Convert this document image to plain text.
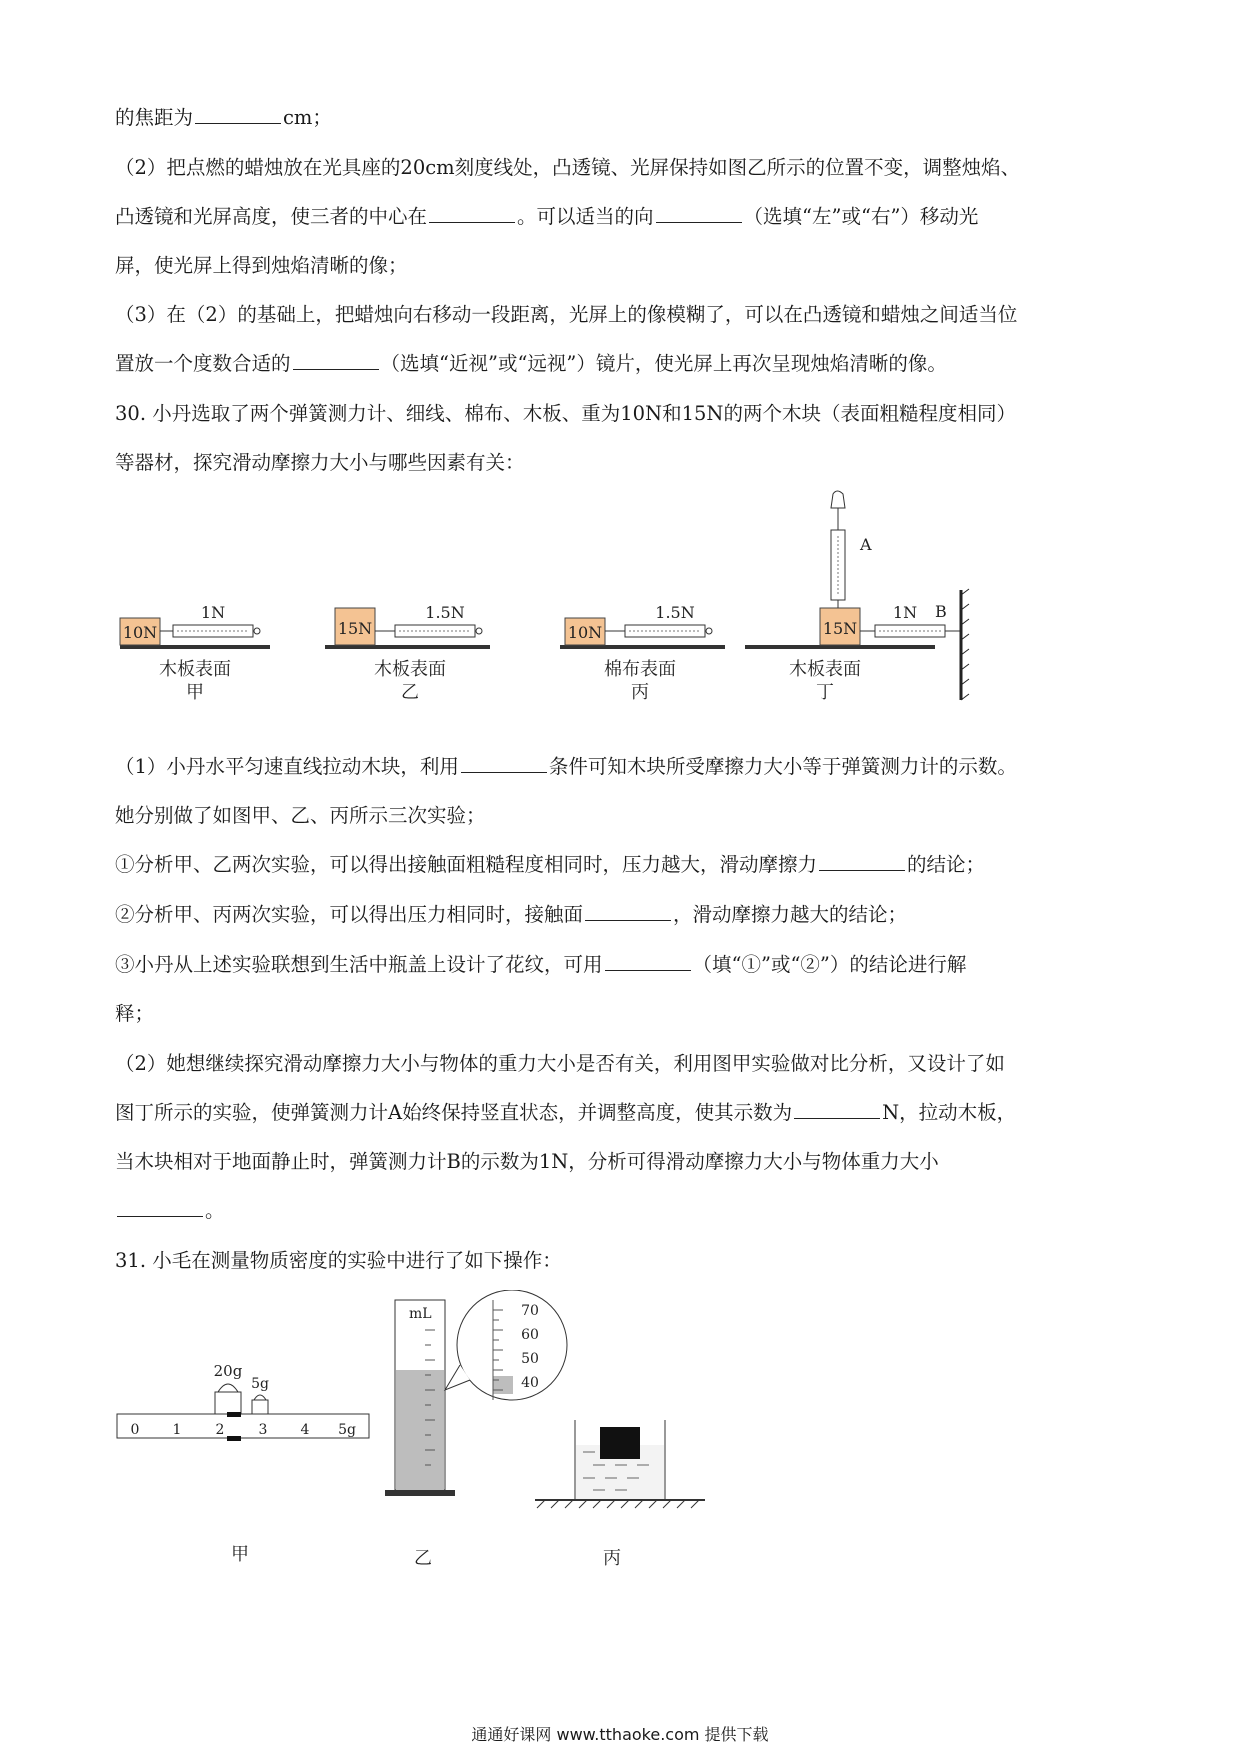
的焦距为	cm；
（2）把点燃的蜡烛放在光具座的20cm刻度线处，凸透镜、光屏保持如图乙所示的位置不变，调整烛焰、
凸透镜和光屏高度，使三者的中心在	。可以适当的向	（选填“左”或“右”）移动光
屏，使光屏上得到烛焰清晰的像；
（3）在（2）的基础上，把蜡烛向右移动一段距离，光屏上的像模糊了，可以在凸透镜和蜡烛之间适当位
置放一个度数合适的	（选填“近视”或“远视”）镜片，使光屏上再次呈现烛焰清晰的像。
30. 小丹选取了两个弹簧测力计、细线、棉布、木板、重为10N和15N的两个木块（表面粗糙程度相同）
等器材，探究滑动摩擦力大小与哪些因素有关：
10N
1N
木板表面
甲
15N
1.5N
木板表面
乙
10N
1.5N
棉布表面
丙
15N
A
1N B
木板表面
丁
（1）小丹水平匀速直线拉动木块，利用	条件可知木块所受摩擦力大小等于弹簧测力计的示数。
她分别做了如图甲、乙、丙所示三次实验；
①分析甲、乙两次实验，可以得出接触面粗糙程度相同时，压力越大，滑动摩擦力	的结论；
②分析甲、丙两次实验，可以得出压力相同时，接触面	，滑动摩擦力越大的结论；
③小丹从上述实验联想到生活中瓶盖上设计了花纹，可用	（填“①”或“②”）的结论进行解
释；
（2）她想继续探究滑动摩擦力大小与物体的重力大小是否有关，利用图甲实验做对比分析，又设计了如
图丁所示的实验，使弹簧测力计A始终保持竖直状态，并调整高度，使其示数为	N，拉动木板，
当木块相对于地面静止时，弹簧测力计B的示数为1N，分析可得滑动摩擦力大小与物体重力大小
。
31. 小毛在测量物质密度的实验中进行了如下操作：
20g
5g
0 1 2 3 4 5g
甲
mL	70
60
50
40
乙	丙
通通好课网 www.tthaoke.com 提供下载
